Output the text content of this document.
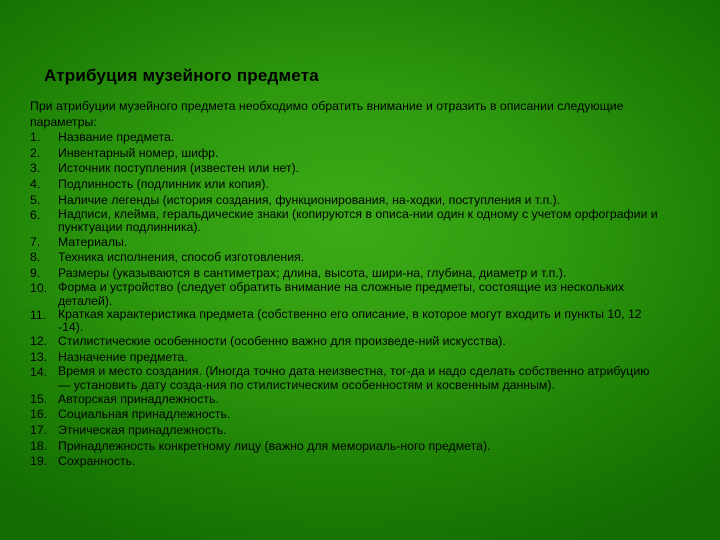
Атрибуция музейного предмета

При атрибуции музейного предмета необходимо обратить внимание и отразить в описании следующие параметры:

1.	Название предмета.
2.	Инвентарный номер, шифр.
3.	Источник поступления (известен или нет).
4.	Подлинность (подлинник или копия).
5.	Наличие легенды (история создания, функционирования, на-ходки, поступления и т.п.).
6.	Надписи, клейма, геральдические знаки (копируются в описа-нии один к одному с учетом орфографии и пунктуации подлинника).
7.	Материалы.
8.	Техника исполнения, способ изготовления.
9.	Размеры (указываются в сантиметрах; длина, высота, шири-на, глубина, диаметр и т.п.).
10. Форма и устройство (следует обратить внимание на сложные предметы, состоящие из нескольких деталей).
11. Краткая характеристика предмета (собственно его описание, в которое могут входить и пункты 10, 12 -14).
12. Стилистические особенности (особенно важно для произведе-ний искусства).
13. Назначение предмета.
14. Время и место создания. (Иногда точно дата неизвестна, тог-да и надо сделать собственно атрибуцию — установить дату созда-ния по стилистическим особенностям и косвенным данным).
15. Авторская принадлежность.
16. Социальная принадлежность.
17. Этническая принадлежность.
18. Принадлежность конкретному лицу (важно для мемориаль-ного предмета).
19. Сохранность.
